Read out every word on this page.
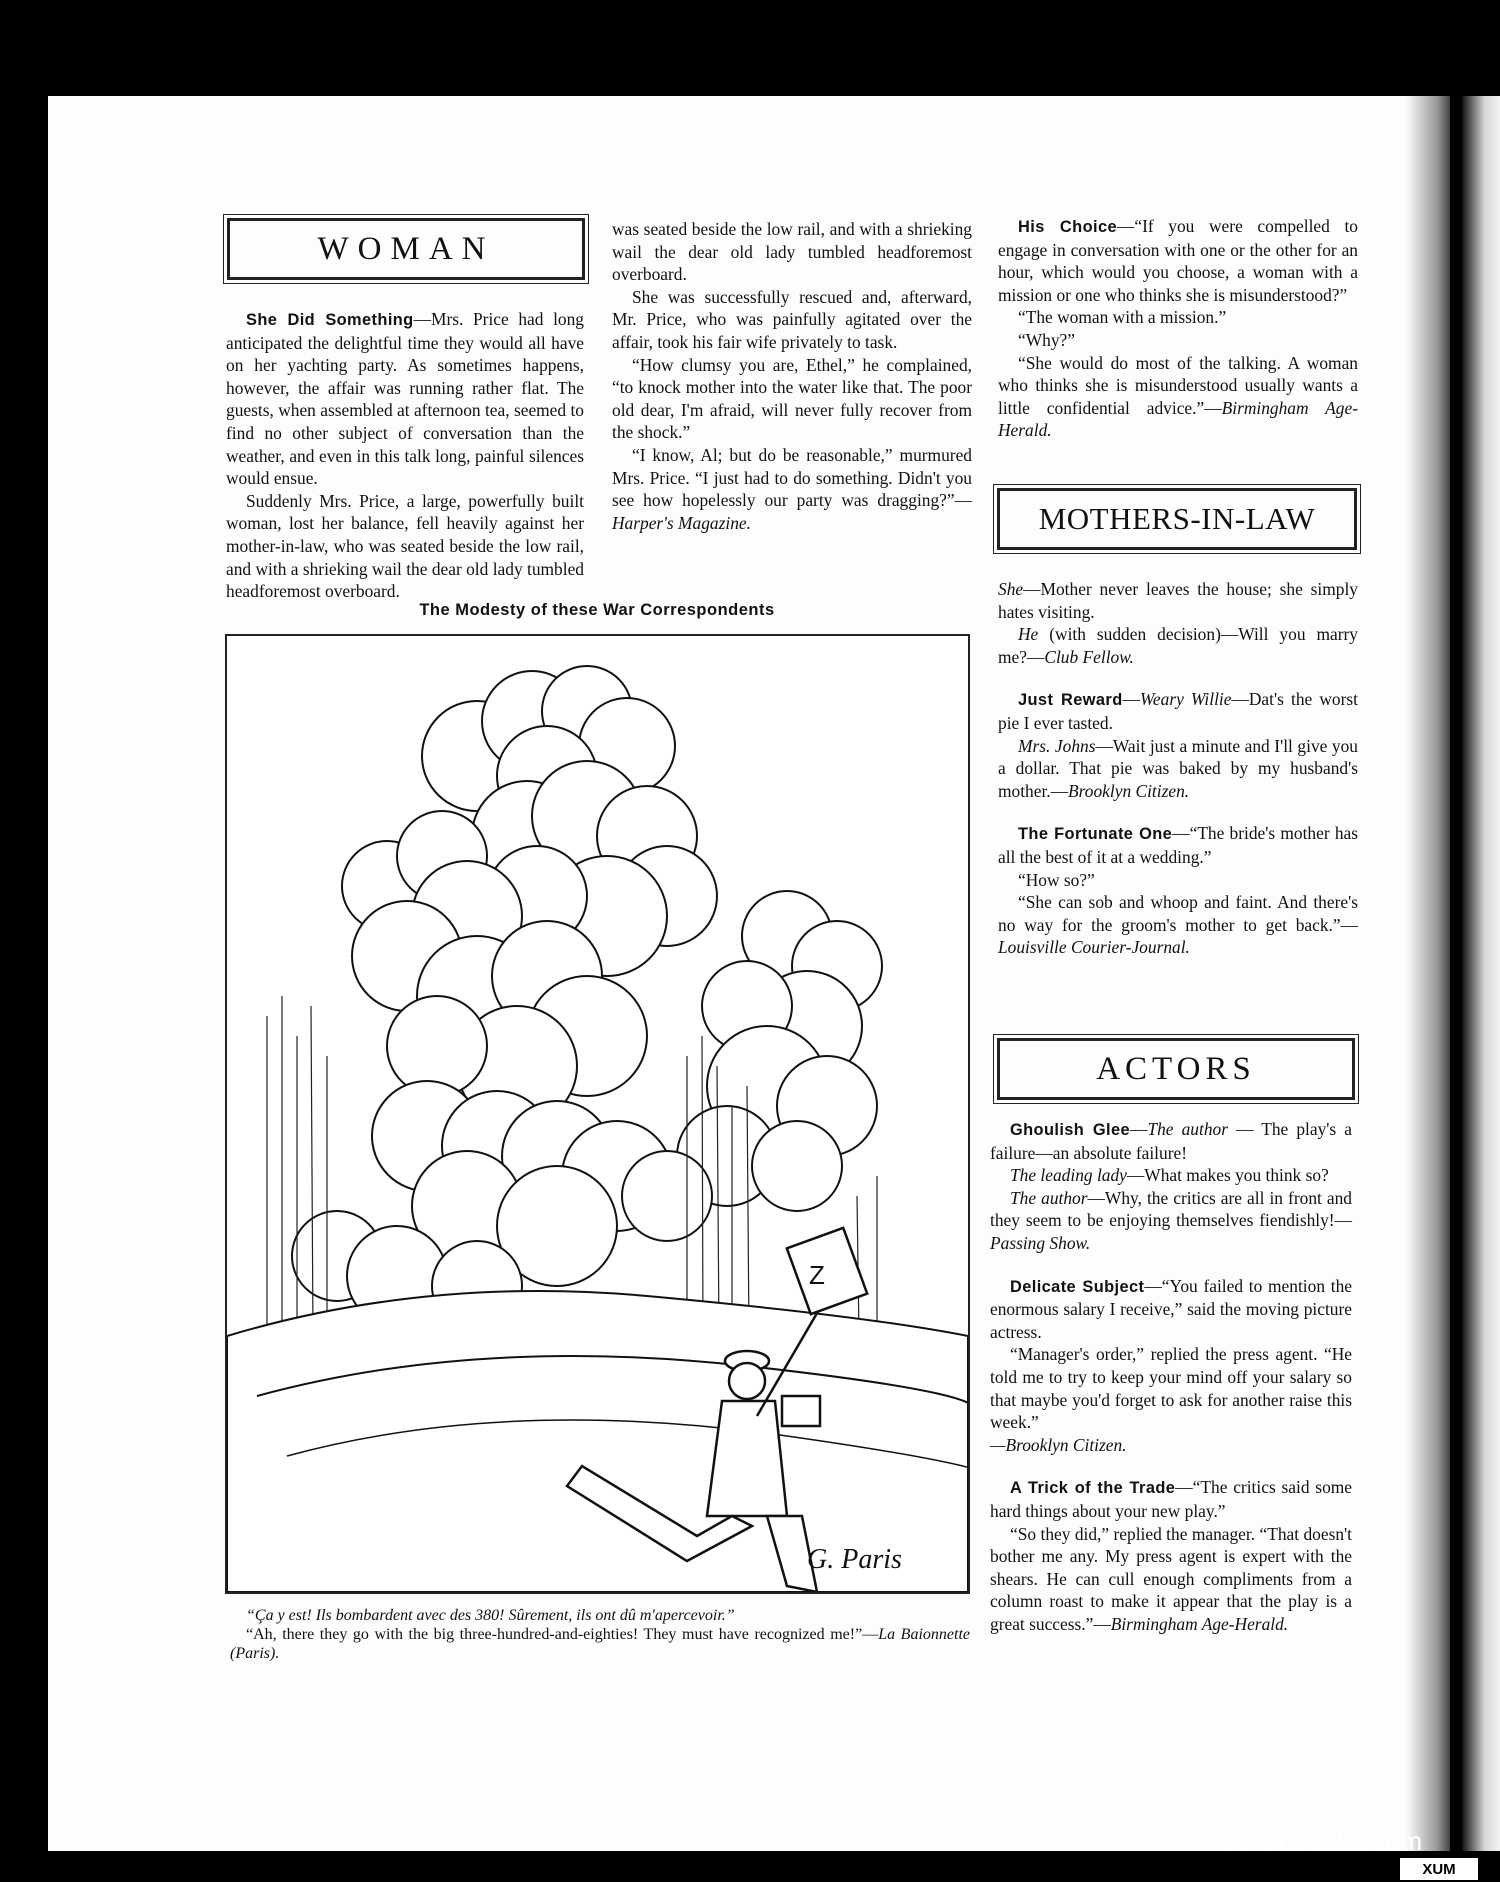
WOMAN

She Did Something—Mrs. Price had long anticipated the delightful time they would all have on her yachting party. As sometimes happens, however, the affair was running rather flat. The guests, when assembled at afternoon tea, seemed to find no other subject of conversation than the weather, and even in this talk long, painful silences would ensue.

Suddenly Mrs. Price, a large, powerfully built woman, lost her balance, fell heavily against her mother-in-law, who was seated beside the low rail, and with a shrieking wail the dear old lady tumbled headforemost overboard.

was seated beside the low rail, and with a shrieking wail the dear old lady tumbled headforemost overboard.

She was successfully rescued and, afterward, Mr. Price, who was painfully agitated over the affair, took his fair wife privately to task.

“How clumsy you are, Ethel,” he complained, “to knock mother into the water like that. The poor old dear, I'm afraid, will never fully recover from the shock.”

“I know, Al; but do be reasonable,” murmured Mrs. Price. “I just had to do something. Didn't you see how hopelessly our party was dragging?”—Harper's Magazine.

The Modesty of these War Correspondents
Z
G. Paris

“Ça y est! Ils bombardent avec des 380! Sûrement, ils ont dû m'apercevoir.”

“Ah, there they go with the big three-hundred-and-eighties! They must have recognized me!”—La Baionnette (Paris).

His Choice—“If you were compelled to engage in conversation with one or the other for an hour, which would you choose, a woman with a mission or one who thinks she is misunderstood?”

“The woman with a mission.”

“Why?”

“She would do most of the talking. A woman who thinks she is misunderstood usually wants a little confidential advice.”—Birmingham Age-Herald.

MOTHERS-IN-LAW

She—Mother never leaves the house; she simply hates visiting.

He (with sudden decision)—Will you marry me?—Club Fellow.

Just Reward—Weary Willie—Dat's the worst pie I ever tasted.

Mrs. Johns—Wait just a minute and I'll give you a dollar. That pie was baked by my husband's mother.—Brooklyn Citizen.

The Fortunate One—“The bride's mother has all the best of it at a wedding.”

“How so?”

“She can sob and whoop and faint. And there's no way for the groom's mother to get back.”—Louisville Courier-Journal.

ACTORS

Ghoulish Glee—The author — The play's a failure—an absolute failure!

The leading lady—What makes you think so?

The author—Why, the critics are all in front and they seem to be enjoying themselves fiendishly!—Passing Show.

Delicate Subject—“You failed to mention the enormous salary I receive,” said the moving picture actress.

“Manager's order,” replied the press agent. “He told me to try to keep your mind off your salary so that maybe you'd forget to ask for another raise this week.”

—Brooklyn Citizen.

A Trick of the Trade—“The critics said some hard things about your new play.”

“So they did,” replied the manager. “That doesn't bother me any. My press agent is expert with the shears. He can cull enough compliments from a column roast to make it appear that the play is a great success.”—Birmingham Age-Herald.

comicbooks.com
XUM
